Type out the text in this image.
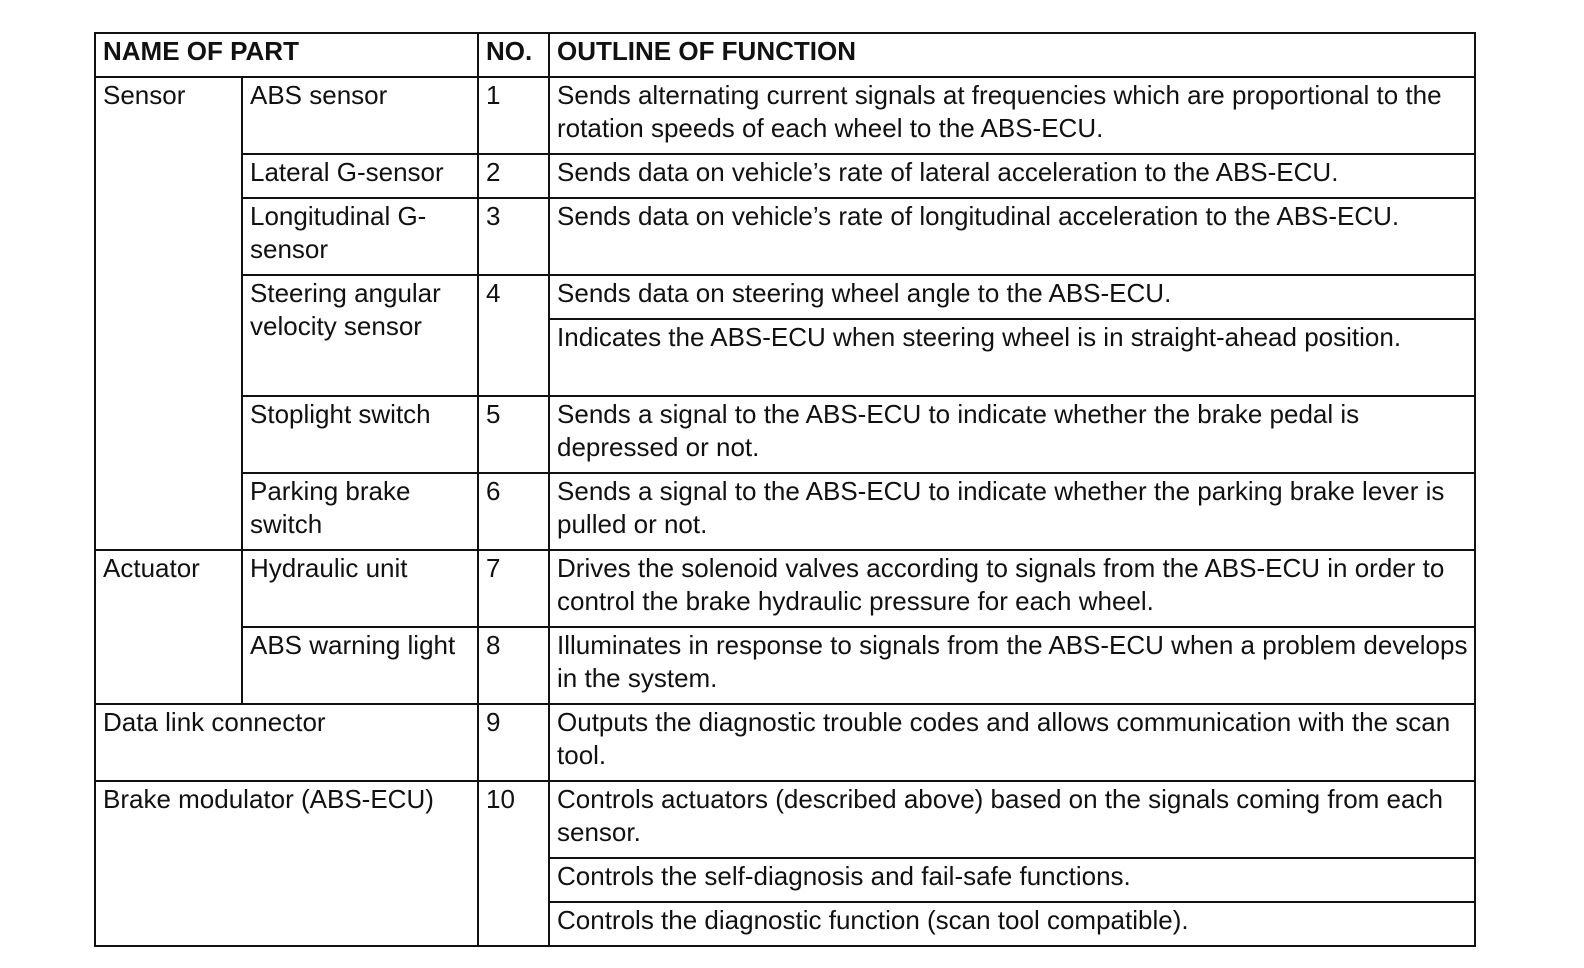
NAME OF PART		NO.	OUTLINE OF FUNCTION
Sensor	ABS sensor	1	Sends alternating current signals at frequencies which are proportional to the rotation speeds of each wheel to the ABS-ECU.
	Lateral G-sensor	2	Sends data on vehicle’s rate of lateral acceleration to the ABS-ECU.
	Longitudinal G-sensor	3	Sends data on vehicle’s rate of longitudinal acceleration to the ABS-ECU.
	Steering angular velocity sensor	4	Sends data on steering wheel angle to the ABS-ECU.
			Indicates the ABS-ECU when steering wheel is in straight-ahead position.
	Stoplight switch	5	Sends a signal to the ABS-ECU to indicate whether the brake pedal is depressed or not.
	Parking brake switch	6	Sends a signal to the ABS-ECU to indicate whether the parking brake lever is pulled or not.
Actuator	Hydraulic unit	7	Drives the solenoid valves according to signals from the ABS-ECU in order to control the brake hydraulic pressure for each wheel.
	ABS warning light	8	Illuminates in response to signals from the ABS-ECU when a problem develops in the system.
Data link connector		9	Outputs the diagnostic trouble codes and allows communication with the scan tool.
Brake modulator (ABS-ECU)		10	Controls actuators (described above) based on the signals coming from each sensor.
			Controls the self-diagnosis and fail-safe functions.
			Controls the diagnostic function (scan tool compatible).
